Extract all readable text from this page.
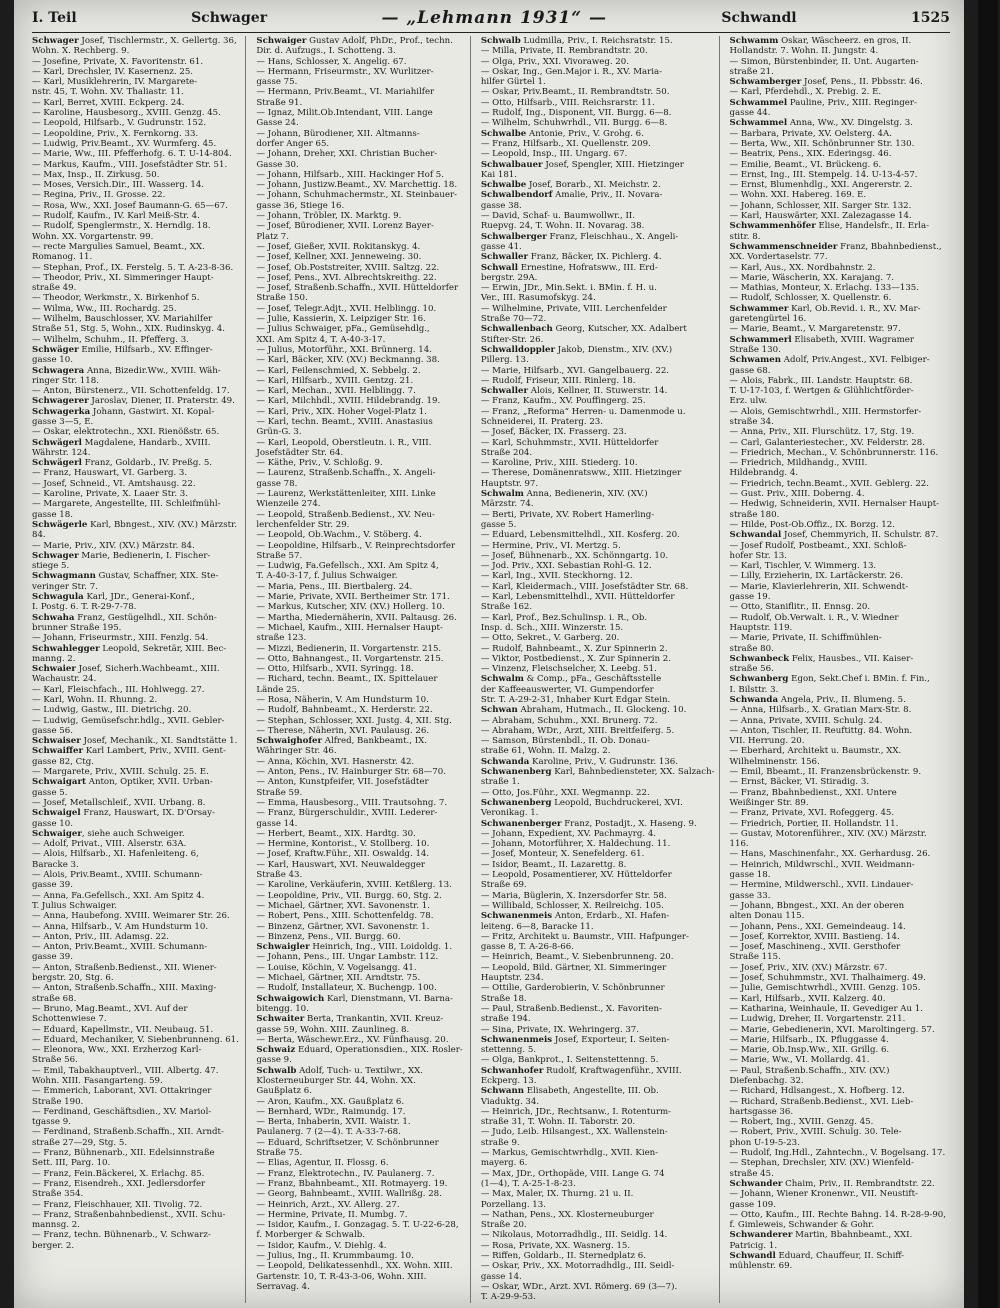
I. Teil	Schwager	— „Lehmann 1931“ —	Schwandl	1525

Schwager Josef, Tischlermstr., X. Gellertg. 36,

Wohn. X. Rechberg. 9.

— Josefine, Private, X. Favoritenstr. 61.

— Karl, Drechsler, IV. Kasernenz. 25.

— Karl, Musiklehrerin, IV. Margarete-

nstr. 45, T. Wohn. XV. Thaliastr. 11.

— Karl, Berret, XVIII. Eckperg. 24.

— Karoline, Hausbesorg., XVIII. Genzg. 45.

— Leopold, Hilfsarb., V. Gudrunstr. 152.

— Leopoldine, Priv., X. Fernkorng. 33.

— Ludwig, Priv.Beamt., XV. Wurmferg. 45.

— Marie, Ww., III. Pfefferhofg. 6. T. U-14-804.

— Markus, Kaufm., VIII. Josefstädter Str. 51.

— Max, Insp., II. Zirkusg. 50.

— Moses, Versich.Dir., III. Wasserg. 14.

— Regina, Priv., II. Grosse. 22.

— Rosa, Ww., XXI. Josef Baumann-G. 65—67.

— Rudolf, Kaufm., IV. Karl Meiß-Str. 4.

— Rudolf, Spenglermstr., X. Herndlg. 18.

Wohn. XX. Vorgartenstr. 99.

— recte Margulies Samuel, Beamt., XX.

Romanog. 11.

— Stephan, Prof., IX. Ferstelg. 5. T. A-23-8-36.

— Theodor, Priv., XI. Simmeringer Haupt-

straße 49.

— Theodor, Werkmstr., X. Birkenhof 5.

— Wilma, Ww., III. Rochardg. 25.

— Wilhelm, Bauschlosser, XV. Mariahilfer

Straße 51, Stg. 5, Wohn., XIX. Rudinskyg. 4.

— Wilhelm, Schuhm., II. Pfefferg. 3.

Schwäger Emilie, Hilfsarb., XV. Effinger-

gasse 10.

Schwagera Anna, Bizedir.Ww., XVIII. Wäh-

ringer Str. 118.

— Anton, Bürstenerz., VII. Schottenfeldg. 17.

Schwagerer Jaroslav, Diener, II. Praterstr. 49.

Schwagerka Johann, Gastwirt. XI. Kopal-

gasse 3—5, E.

— Oskar, elektrotechn., XXI. Rienößstr. 65.

Schwägerl Magdalene, Handarb., XVIII.

Währstr. 124.

Schwägerl Franz, Goldarb., IV. Preßg. 5.

— Franz, Hauswart, VI. Garberg. 3.

— Josef, Schneid., VI. Amtshausg. 22.

— Karoline, Private, X. Laaer Str. 3.

— Margarete, Angestellte, III. Schleifmühl-

gasse 18.

Schwägerle Karl, Bbngest., XIV. (XV.) Märzstr.

84.

— Marie, Priv., XIV. (XV.) Märzstr. 84.

Schwager Marie, Bedienerin, I. Fischer-

stiege 5.

Schwagmann Gustav, Schaffner, XIX. Ste-

veringer Str. 7.

Schwagula Karl, JDr., Generai-Konf.,

I. Postg. 6. T. R-29-7-78.

Schwaha Franz, Gestügelhdl., XII. Schön-

brunner Straße 195.

— Johann, Friseurmstr., XIII. Fenzlg. 54.

Schwahlegger Leopold, Sekretär, XIII. Bec-

manng. 2.

Schwaier Josef, Sicherh.Wachbeamt., XIII.

Wachaustr. 24.

— Karl, Fleischfach., III. Hohlwegg. 27.

— Karl, Wohn. II. Rhunng. 2.

— Ludwig, Gastw., III. Dietrichg. 20.

— Ludwig, Gemüsefschr.hdlg., XVII. Gebler-

gasse 56.

Schwaiser Josef, Mechanik., XI. Sandtstätte 1.

Schwaiffer Karl Lambert, Priv., XVIII. Gent-

gasse 82, Ctg.

— Margarete, Priv., XVIII. Schulg. 25. E.

Schwaigart Anton, Optiker, XVII. Urban-

gasse 5.

— Josef, Metallschleif., XVII. Urbang. 8.

Schwaigel Franz, Hauswart, IX. D'Orsay-

gasse 10.

Schwaiger, siehe auch Schweiger.

— Adolf, Privat., VIII. Alserstr. 63A.

— Alois, Hilfsarb., XI. Hafenleiteng. 6,

Baracke 3.

— Alois, Priv.Beamt., XVIII. Schumann-

gasse 39.

— Anna, Fa.Gefellsch., XXI. Am Spitz 4.

T. Julius Schwaiger.

— Anna, Haubefong. XVIII. Weimarer Str. 26.

— Anna, Hilfsarb., V. Am Hundsturm 10.

— Anton, Priv., III. Adamsg. 22.

— Anton, Priv.Beamt., XVIII. Schumann-

gasse 39.

— Anton, Straßenb.Bedienst., XII. Wiener-

bergstr. 20, Stg. 6.

— Anton, Straßenb.Schaffn., XIII. Maxing-

straße 68.

— Bruno, Mag.Beamt., XVI. Auf der

Schottenwiese 7.

— Eduard, Kapellmstr., VII. Neubaug. 51.

— Eduard, Mechaniker, V. Siebenbrunneng. 61.

— Eleonora, Ww., XXI. Erzherzog Karl-

Straße 56.

— Emil, Tabakhauptverl., VIII. Albertg. 47.

Wohn. XIII. Fasangarteng. 59.

— Emmerich, Laborant, XVI. Ottakringer

Straße 190.

— Ferdinand, Geschäftsdien., XV. Mariol-

tgasse 9.

— Ferdinand, Straßenb.Schaffn., XII. Arndt-

straße 27—29, Stg. 5.

— Franz, Bühnenarb., XII. Edelsinnstraße

Sett. III, Parg. 10.

— Franz, Fein.Bäckerei, X. Erlachg. 85.

— Franz, Eisendreh., XXI. Jedlersdorfer

Straße 354.

— Franz, Fleischhauer, XII. Tivolig. 72.

— Franz, Straßenbahnbedienst., XVII. Schu-

mannsg. 2.

— Franz, techn. Bühnenarb., V. Schwarz-

berger. 2.

Schwaiger Gustav Adolf, PhDr., Prof., techn.

Dir. d. Aufzugs., I. Schotteng. 3.

— Hans, Schlosser, X. Angelig. 67.

— Hermann, Friseurmstr., XV. Wurlitzer-

gasse 75.

— Hermann, Priv.Beamt., VI. Mariahilfer

Straße 91.

— Ignaz, Milit.Ob.Intendant, VIII. Lange

Gasse 24.

— Johann, Bürodiener, XII. Altmanns-

dorfer Anger 65.

— Johann, Dreher, XXI. Christian Bucher-

Gasse 30.

— Johann, Hilfsarb., XIII. Hackinger Hof 5.

— Johann, Justizw.Beamt., XV. Marchettig. 18.

— Johann, Schuhmachermstr., XI. Steinbauer-

gasse 36, Stiege 16.

— Johann, Tröbler, IX. Marktg. 9.

— Josef, Bürodiener, XVII. Lorenz Bayer-

Platz 7.

— Josef, Gießer, XVII. Rokitanskyg. 4.

— Josef, Kellner, XXI. Jenneweing. 30.

— Josef, Ob.Poststreiter, XVIII. Saltzg. 22.

— Josef, Pens., XVI. Albrechtskreithg. 22.

— Josef, Straßenb.Schaffn., XVII. Hütteldorfer

Straße 150.

— Josef, Telegr.Adjt., XVII. Helblingg. 10.

— Julie, Kassierin, X. Leipziger Str. 16.

— Julius Schwaiger, pFa., Gemüsehdlg.,

XXI. Am Spitz 4, T. A-40-3-17.

— Julius, Motorführ., XXI. Brünnerg. 14.

— Karl, Bäcker, XIV. (XV.) Beckmanng. 38.

— Karl, Feilenschmied, X. Sebbelg. 2.

— Karl, Hilfsarb., XVIII. Gentzg. 21.

— Karl, Mechan., XVII. Helblingg. 7.

— Karl, Milchhdl., XVIII. Hildebrandg. 19.

— Karl, Priv., XIX. Hoher Vogel-Platz 1.

— Karl, techn. Beamt., XVIII. Anastasius

Grün-G. 3.

— Karl, Leopold, Oberstleutn. i. R., VIII.

Josefstädter Str. 64.

— Käthe, Priv., V. Schloßg. 9.

— Laurenz, Straßenb.Schaffn., X. Angeli-

gasse 78.

— Laurenz, Werkstättenleiter, XIII. Linke

Wienzeile 274.

— Leopold, Straßenb.Bedienst., XV. Neu-

lerchenfelder Str. 29.

— Leopold, Ob.Wachm., V. Stöberg. 4.

— Leopoldine, Hilfsarb., V. Reinprechtsdorfer

Straße 57.

— Ludwig, Fa.Gefellsch., XXI. Am Spitz 4,

T. A-40-3-17, f. Julius Schwaiger.

— Maria, Pens., III. Biertbalerg. 24.

— Marie, Private, XVII. Bertheimer Str. 171.

— Markus, Kutscher, XIV. (XV.) Hollerg. 10.

— Martha, Miedernäherin, XVII. Paltausg. 26.

— Michael, Kaufm., XIII. Hernalser Haupt-

straße 123.

— Mizzi, Bedienerin, II. Vorgartenstr. 215.

— Otto, Bahnangest., II. Vorgartenstr. 215.

— Otto, Hilfsarb., XVII. Syringg. 18.

— Richard, techn. Beamt., IX. Spittelauer

Lände 25.

— Rosa, Näherin, V. Am Hundsturm 10.

— Rudolf, Bahnbeamt., X. Herderstr. 22.

— Stephan, Schlosser, XXI. Justg. 4, XII. Stg.

— Therese, Näherin, XVI. Paulausg. 26.

Schwaighofer Alfred, Bankbeamt., IX.

Währinger Str. 46.

— Anna, Köchin, XVI. Hasnerstr. 42.

— Anton, Pens., IV. Hainburger Str. 68—70.

— Anton, Kunstpfeifer, VII. Josefstädter

Straße 59.

— Emma, Hausbesorg., VIII. Trautsohng. 7.

— Franz, Bürgerschuldir., XVIII. Lederer-

gasse 14.

— Herbert, Beamt., XIX. Hardtg. 30.

— Hermine, Kontorist., V. Stollberg. 10.

— Josef, Kraftw.Führ., XII. Oswaldg. 14.

— Karl, Hauswart, XVI. Neuwaldegger

Straße 43.

— Karoline, Verkäuferin, XVIII. Ketßlerg. 13.

— Leopoldine, Priv., VII. Burgg. 60, Stg. 2.

— Michael, Gärtner, XVI. Savonenstr. 1.

— Robert, Pens., XIII. Schottenfeldg. 78.

— Binzenz, Gärtner, XVI. Savonenstr. 1.

— Binzenz, Pens., VII. Burgg. 60.

Schwaigler Heinrich, Ing., VIII. Loidoldg. 1.

— Johann, Pens., III. Ungar Lambstr. 112.

— Louise, Köchin, V. Vogelsangg. 41.

— Michael, Gärtner, XII. Arndtstr. 75.

— Rudolf, Installateur, X. Buchengp. 100.

Schwaigowich Karl, Dienstmann, VI. Barna-

bitengg. 10.

Schwaiter Berta, Trankantin, XVII. Kreuz-

gasse 59, Wohn. XIII. Zaunlineg. 8.

— Berta, Wäschewr.Erz., XV. Fünfhausg. 20.

Schwaiz Eduard, Operationsdien., XIX. Rosler-

gasse 9.

Schwalb Adolf, Tuch- u. Textilwr., XX.

Klosterneuburger Str. 44, Wohn. XX.

Gaußplatz 6.

— Aron, Kaufm., XX. Gaußplatz 6.

— Bernhard, WDr., Raimundg. 17.

— Berta, Inhaberin, XVII. Waistr. 1.

Paulanerg. 7 (2—4). T. A-33-7-68.

— Eduard, Schriftsetzer, V. Schönbrunner

Straße 75.

— Elias, Agentur, II. Flossg. 6.

— Franz, Elektrotechn., IV. Paulanerg. 7.

— Franz, Bbahnbeamt., XII. Rotmayerg. 19.

— Georg, Bahnbeamt., XVIII. Wallrißg. 28.

— Heinrich, Arzt., XV. Allerg. 27.

— Hermine, Private, II. Mumbg. 7.

— Isidor, Kaufm., I. Gonzagag. 5. T. U-22-6-28,

f. Morberger & Schwalb.

— Isidor, Kaufm., V. Diehlg. 4.

— Julius, Ing., II. Krummbaumg. 10.

— Leopold, Delikatessenhdl., XX. Wohn. XIII.

Gartenstr. 10, T. R-43-3-06, Wohn. XIII.

Serravag. 4.

Schwalb Ludmilla, Priv., I. Reichsratstr. 15.

— Milla, Private, II. Rembrandtstr. 20.

— Olga, Priv., XXI. Vivoraweg. 20.

— Oskar, Ing., Gen.Major i. R., XV. Maria-

hilfer Gürtel 1.

— Oskar, Priv.Beamt., II. Rembrandtstr. 50.

— Otto, Hilfsarb., VIII. Reichsrarstr. 11.

— Rudolf, Ing., Disponent, VII. Burgg. 6—8.

— Wilhelm, Schuhwrhdl., VII. Burgg. 6—8.

Schwalbe Antonie, Priv., V. Grohg. 6.

— Franz, Hilfsarb., XI. Quellenstr. 209.

— Leopold, Insp., III. Ungarg. 67.

Schwalbauer Josef, Spengler, XIII. Hietzinger

Kai 181.

Schwalbe Josef, Borarb., XI. Meichstr. 2.

Schwalbendorf Amalie, Priv., II. Novara-

gasse 38.

— David, Schaf- u. Baumwollwr., II.

Ruepvg. 24, T. Wohn. II. Novarag. 38.

Schwalberger Franz, Fleischhau., X. Angeli-

gasse 41.

Schwaller Franz, Bäcker, IX. Pichlerg. 4.

Schwall Ernestine, Hofratsww., III. Erd-

bergstr. 29A.

— Erwin, JDr., Min.Sekt. i. BMin. f. H. u.

Ver., III. Rasumofskyg. 24.

— Wilhelmine, Private, VIII. Lerchenfelder

Straße 70—72.

Schwallenbach Georg, Kutscher, XX. Adalbert

Stifter-Str. 26.

Schwalldoppler Jakob, Dienstm., XIV. (XV.)

Pillerg. 13.

— Marie, Hilfsarb., XVI. Gangelbauerg. 22.

— Rudolf, Friseur, XIII. Rinlerg. 18.

Schwaller Alois, Kellner, II. Stuwerstr. 14.

— Franz, Kaufm., XV. Pouffingerg. 25.

— Franz, „Reforma“ Herren- u. Damenmode u.

Schneiderei, II. Praterg. 23.

— Josef, Bäcker, IX. Frasserg. 23.

— Karl, Schuhmmstr., XVII. Hütteldorfer

Straße 204.

— Karoline, Priv., XIII. Stiederg. 10.

— Therese, Domänenratsww., XIII. Hietzinger

Hauptstr. 97.

Schwalm Anna, Bedienerin, XIV. (XV.)

Märzstr. 74.

— Berti, Private, XV. Robert Hamerling-

gasse 5.

— Eduard, Lebensmittelhdl., XII. Kosferg. 20.

— Hermine, Priv., VI. Mertzg. 5.

— Josef, Bühnenarb., XX. Schönngartg. 10.

— Jod. Priv., XXI. Sebastian Rohl-G. 12.

— Karl, Ing., XVII. Steckhorng. 12.

— Karl, Kleidermach., VIII. Josefstädter Str. 68.

— Karl, Lebensmittelhdl., XVII. Hütteldorfer

Straße 162.

— Karl, Prof., Bez.Schulinsp. i. R., Ob.

Insp. d. Sch., XIII. Winzerstr. 15.

— Otto, Sekret., V. Garberg. 20.

— Rudolf, Bahnbeamt., X. Zur Spinnerin 2.

— Viktor, Postbedienst., X. Zur Spinnerin 2.

— Vinzenz, Fleischselcher, X. Leebg. 51.

Schwalm & Comp., pFa., Geschäftsstelle

der Kaffeeauswerter, VI. Gumpendorfer

Str. T. A-29-2-31, Inhaber Kurt Edgar Stein.

Schwan Abraham, Hutmach., II. Glockeng. 10.

— Abraham, Schuhm., XXI. Brunerg. 72.

— Abraham, WDr., Arzt, XIII. Breitfeiferg. 5.

— Samson, Bürstenbdl., II. Ob. Donau-

straße 61, Wohn. II. Malzg. 2.

Schwanda Karoline, Priv., V. Gudrunstr. 136.

Schwanenberg Karl, Bahnbediensteter, XX. Salzach-

straße 1.

— Otto, Jos.Führ., XXI. Wegmannp. 22.

Schwanenberg Leopold, Buchdruckerei, XVI.

Veronikag. 1.

Schwanenberger Franz, Postadjt., X. Haseng. 9.

— Johann, Expedient, XV. Pachmayrg. 4.

— Johann, Motorführer, X. Haldechung. 11.

— Josef, Monteur, X. Senefelderg. 61.

— Isidor, Beamt., II. Lazarettg. 8.

— Leopold, Posamentierer, XV. Hütteldorfer

Straße 69.

— Maria, Büglerin, X. Inzersdorfer Str. 58.

— Willibald, Schlosser, X. Reilreichg. 105.

Schwanenmeis Anton, Erdarb., XI. Hafen-

leiteng. 6—8, Baracke 11.

— Fritz, Architekt u. Baumstr., VIII. Hafpunger-

gasse 8, T. A-26-8-66.

— Heinrich, Beamt., V. Siebenbrunneng. 20.

— Leopold, Bild. Gärtner, XI. Simmeringer

Hauptstr. 234.

— Ottilie, Garderobierin, V. Schönbrunner

Straße 18.

— Paul, Straßenb.Bedienst., X. Favoriten-

straße 194.

— Sina, Private, IX. Wehringerg. 37.

Schwanenmeis Josef, Exporteur, I. Seiten-

stettenng. 5.

— Olga, Bankprot., I. Seitenstettenng. 5.

Schwanhofer Rudolf, Kraftwagenführ., XVIII.

Eckperg. 13.

Schwann Elisabeth, Angestellte, III. Ob.

Viaduktg. 34.

— Heinrich, JDr., Rechtsanw., I. Rotenturm-

straße 31, T. Wohn. II. Taborstr. 20.

— Judo, Leib. Hilsangest., XX. Wallenstein-

straße 9.

— Markus, Gemischtwrhdlg., XVII. Kien-

mayerg. 6.

— Max, JDr., Orthopäde, VIII. Lange G. 74

(1—4), T. A-25-1-8-23.

— Max, Maler, IX. Thurng. 21 u. II.

Porzellang. 13.

— Nathan, Pens., XX. Klosterneuburger

Straße 20.

— Nikolaus, Motorradhdlg., III. Seidlg. 14.

— Rosa, Private, XX. Wasnerg. 15.

— Riffen, Goldarb., II. Sternedplatz 6.

— Oskar, Priv., XX. Motorradhdlg., III. Seidl-

gasse 14.

— Oskar, WDr., Arzt. XVI. Römerg. 69 (3—7).

T. A-29-9-53.

Schwamm Oskar, Wäscheerz. en gros, II.

Hollandstr. 7. Wohn. II. Jungstr. 4.

— Simon, Bürstenbinder, II. Unt. Augarten-

straße 21.

Schwamberger Josef, Pens., II. Pbbsstr. 46.

— Karl, Pferdehdl., X. Prebig. 2. E.

Schwammel Pauline, Priv., XIII. Reginger-

gasse 44.

Schwammel Anna, Ww., XV. Dingelstg. 3.

— Barbara, Private, XV. Oelsterg. 4A.

— Berta, Ww., XII. Schönbrunner Str. 130.

— Beatrix, Pens., XIX. Ederingsg. 46.

— Emilie, Beamt., VI. Brückeng. 6.

— Ernst, Ing., III. Stempelg. 14. U-13-4-57.

— Ernst, Blumenhdlg., XXI. Angererstr. 2.

— Wohn. XXI. Habereg. 169. E.

— Johann, Schlosser, XII. Sarger Str. 132.

— Karl, Hauswärter, XXI. Zalezagasse 14.

Schwammenhöfer Elise, Handelsfr., II. Erla-

stitr. 8.

Schwammenschneider Franz, Bbahnbedienst.,

XX. Vordertaselstr. 77.

— Karl, Aus., XX. Nordbahnstr. 2.

— Marie, Wäscherin, XX. Karajang. 7.

— Mathias, Monteur, X. Erlachg. 133—135.

— Rudolf, Schlosser, X. Quellenstr. 6.

Schwammer Karl, Ob.Revid. i. R., XV. Mar-

garetengürtel 16.

— Marie, Beamt., V. Margaretenstr. 97.

Schwammerl Elisabeth, XVIII. Wagramer

Straße 130.

Schwamen Adolf, Priv.Angest., XVI. Felbiger-

gasse 68.

— Alois, Fabrk., III. Landstr. Hauptstr. 68.

T. U-17-103, f. Wertgen & Glühlichtförder-

Erz. ulw.

— Alois, Gemischtwrhdl., XIII. Hermstorfer-

straße 34.

— Anna, Priv., XII. Flurschütz. 17, Stg. 19.

— Carl, Galanteriestecher., XV. Felderstr. 28.

— Friedrich, Mechan., V. Schönbrunnerstr. 116.

— Friedrich, Mildhandg., XVIII.

Hildebrandg. 4.

— Friedrich, techn.Beamt., XVII. Geblerg. 22.

— Gust. Priv., XIII. Doberng. 4.

— Hedwig, Schneiderin, XVII. Hernalser Haupt-

straße 180.

— Hilde, Post-Ob.Offiz., IX. Borzg. 12.

Schwandal Josef, Chemmyrich, II. Schulstr. 87.

— Josef Rudolf, Postbeamt., XXI. Schloß-

hofer Str. 13.

— Karl, Tischler, V. Wimmerg. 13.

— Lilly, Erzieherin, IX. Lartäckerstr. 26.

— Marie, Klavierlehrerin, XII. Schwendt-

gasse 19.

— Otto, Staniflitr., II. Ennsg. 20.

— Rudolf, Ob.Verwalt. i. R., V. Wiedner

Hauptstr. 119.

— Marie, Private, II. Schiffmühlen-

straße 80.

Schwanbeck Felix, Hausbes., VII. Kaiser-

straße 56.

Schwanberg Egon, Sekt.Chef i. BMin. f. Fin.,

I. Bilsttr. 3.

Schwanda Angela, Priv., II. Blumeng. 5.

— Anna, Hilfsarb., X. Gratian Marx-Str. 8.

— Anna, Private, XVIII. Schulg. 24.

— Anton, Tischler, II. Reuftittg. 84. Wohn.

VII. Herrung. 20.

— Eberhard, Architekt u. Baumstr., XX.

Wilhelminenstr. 156.

— Emil, Bbeamt., II. Franzensbrückenstr. 9.

— Ernst, Bäcker, VI. Stiradig. 3.

— Franz, Bbahnbedienst., XXI. Untere

Weißinger Str. 89.

— Franz, Private, XVI. Rofeggerg. 45.

— Friedrich, Portier, II. Hollandstr. 11.

— Gustav, Motorenführer., XIV. (XV.) Märzstr.

116.

— Hans, Maschinenfahr., XX. Gerhardusg. 26.

— Heinrich, Mildwrschl., XVII. Weidmann-

gasse 18.

— Hermine, Mildwerschl., XVII. Lindauer-

gasse 33.

— Johann, Bbngest., XXI. An der oberen

alten Donau 115.

— Johann, Pens., XXI. Gemeindeaug. 14.

— Josef, Korrektor, XVIII. Bastieng. 14.

— Josef, Maschineng., XVII. Gersthofer

Straße 115.

— Josef, Priv., XIV. (XV.) Märzstr. 67.

— Josef, Schuhmmstr., XVI. Thalhaimerg. 49.

— Julie, Gemischtwrhdl., XVIII. Genzg. 105.

— Karl, Hilfsarb., XVII. Kalzerg. 40.

— Katharina, Weinhaule, II. Gevediger Au 1.

— Ludwig, Dreher, II. Vorgartenstr. 211.

— Marie, Gebedienerin, XVI. Maroltingerg. 57.

— Marie, Hilfsarb., IX. Pfluggasse 4.

— Marie, Ob.Insp.Ww., XII. Grillg. 6.

— Marie, Ww., VI. Mollardg. 41.

— Paul, Straßenb.Schaffn., XIV. (XV.)

Diefenbachg. 32.

— Richard, Hdlsangest., X. Hofberg. 12.

— Richard, Straßenb.Bedienst., XVI. Lieb-

hartsgasse 36.

— Robert, Ing., XVIII. Genzg. 45.

— Robert, Priv., XVIII. Schulg. 30. Tele-

phon U-19-5-23.

— Rudolf, Ing.Hdl., Zahntechn., V. Bogelsang. 17.

— Stephan, Drechsler, XIV. (XV.) Wienfeld-

straße 45.

Schwander Chaim, Priv., II. Rembrandtstr. 22.

— Johann, Wiener Kronenwr., VII. Neustift-

gasse 109.

— Otto, Kaufm., III. Rechte Bahng. 14. R-28-9-90,

f. Gimleweis, Schwander & Gohr.

Schwanderer Martin, Bbahnbeamt., XXI.

Patricig. 1.

Schwandl Eduard, Chauffeur, II. Schiff-

mühlenstr. 69.
